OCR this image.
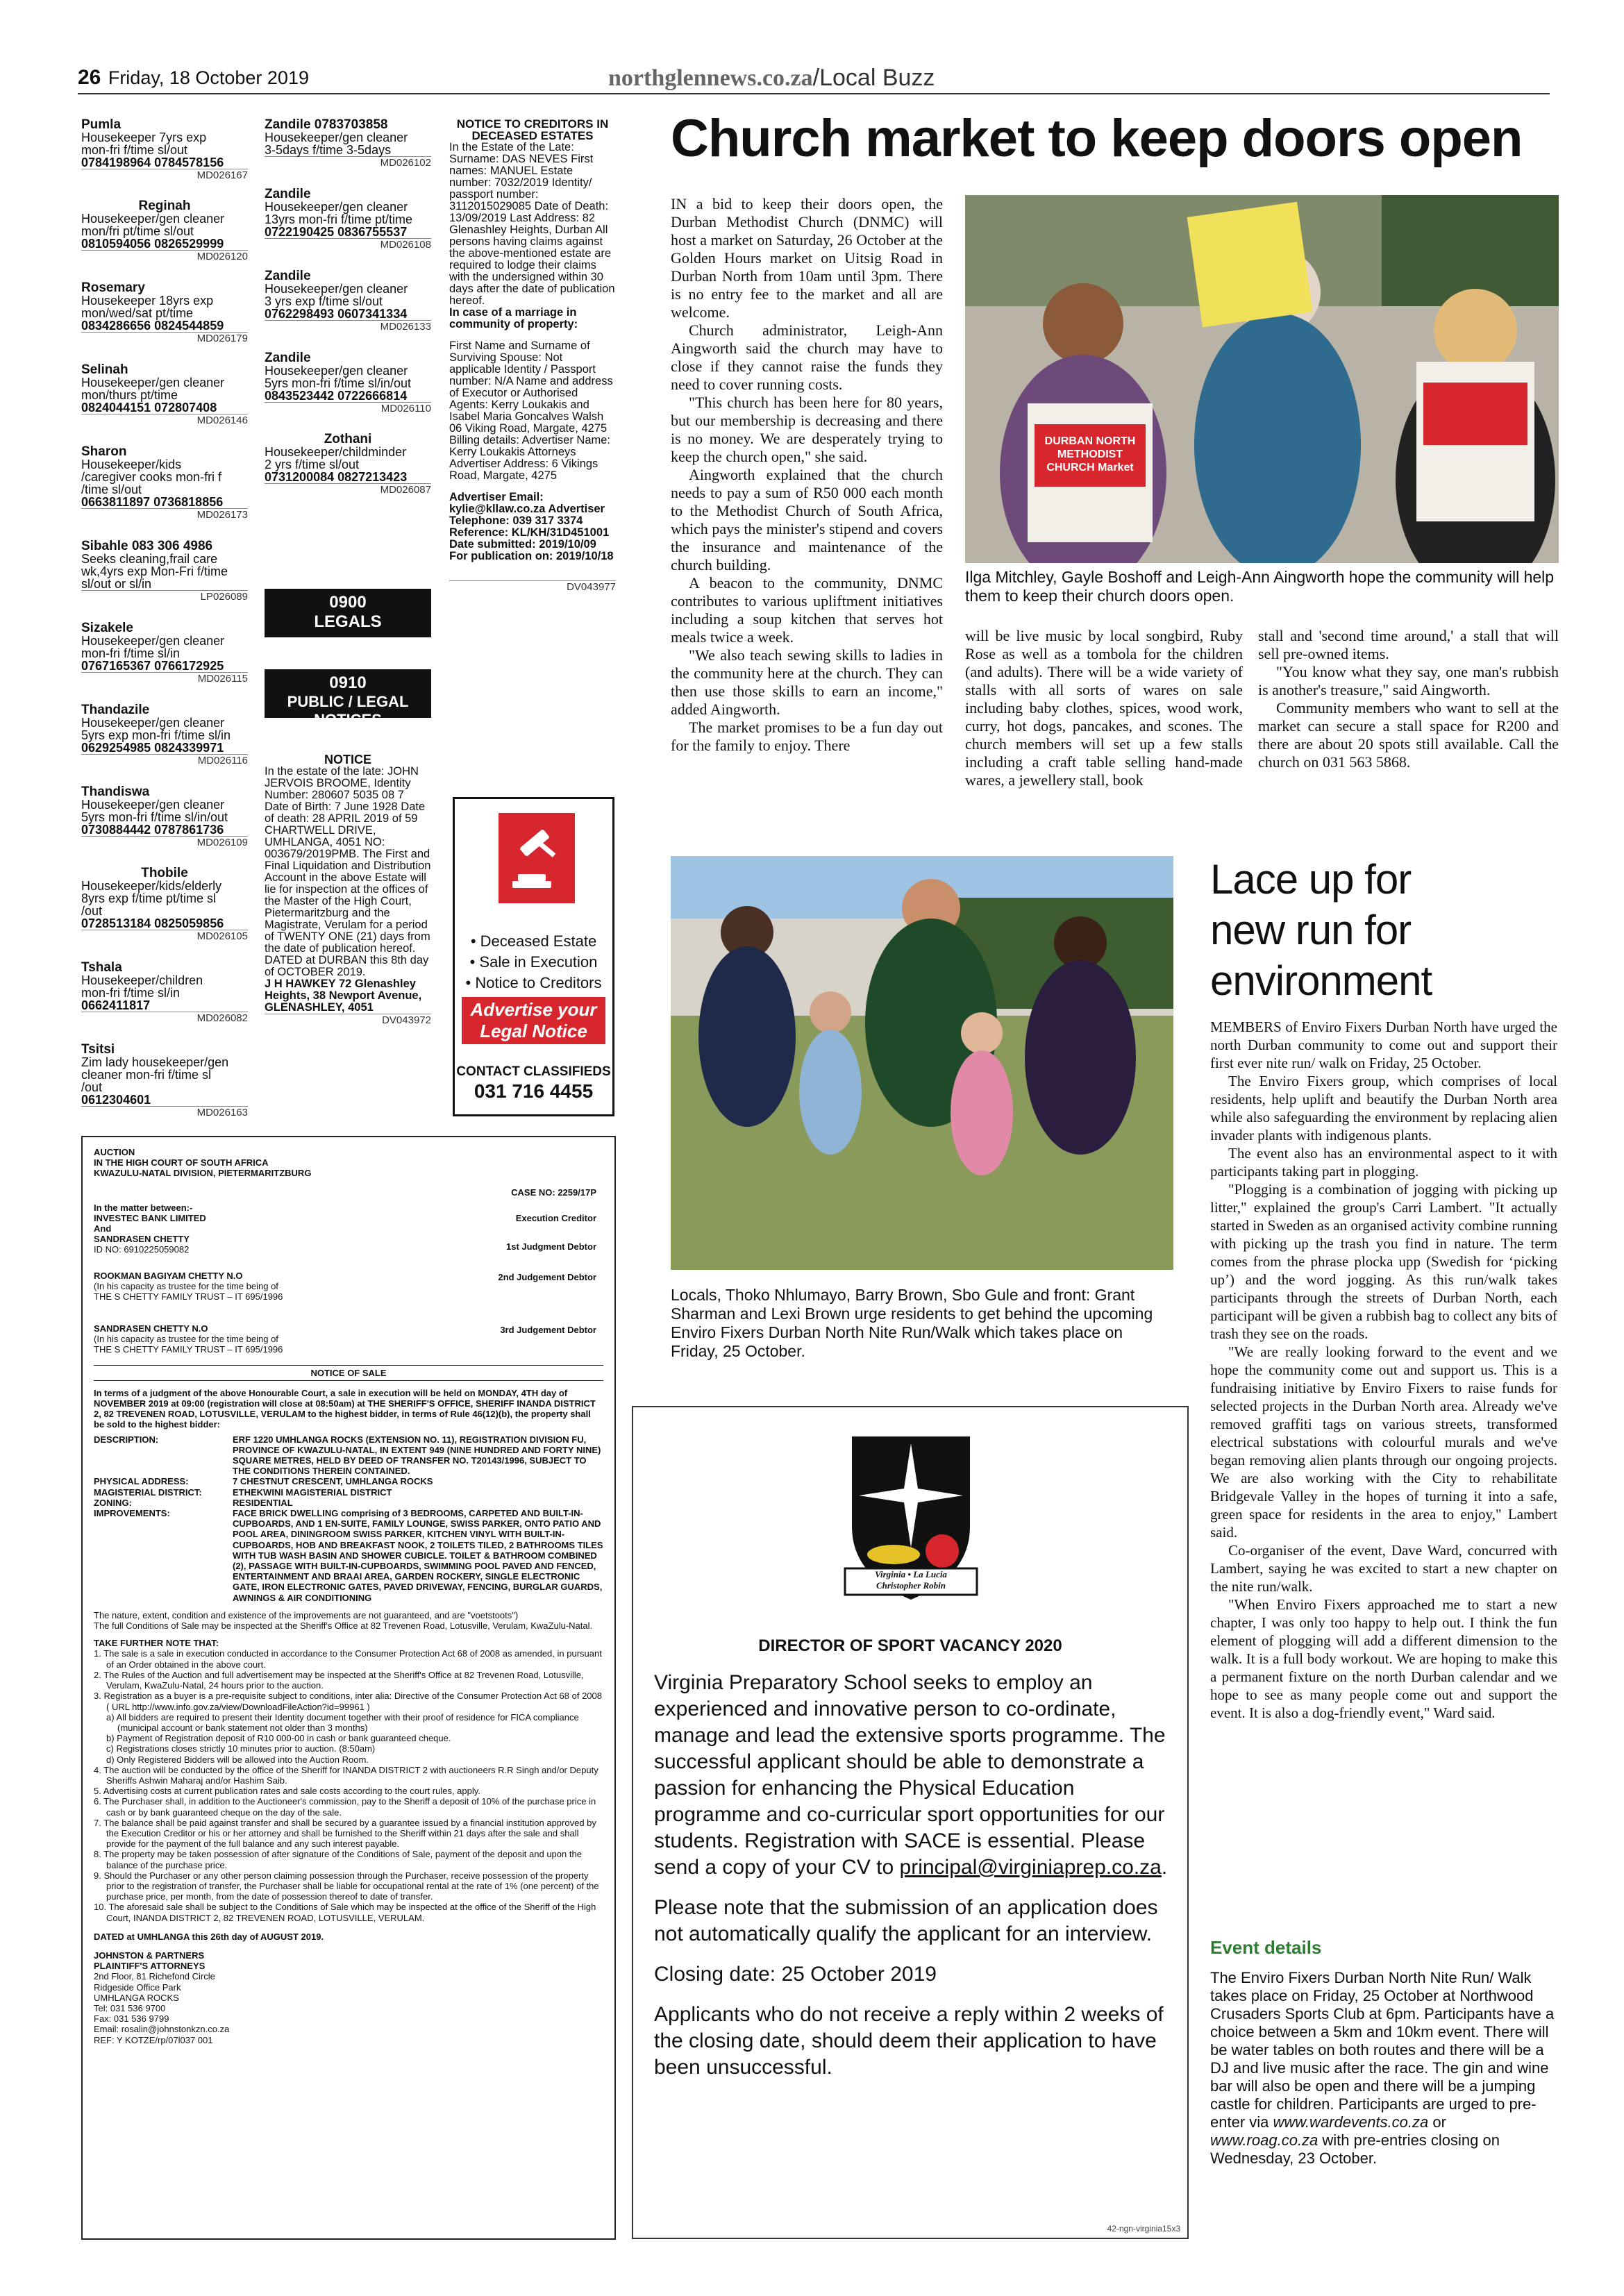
26 Friday, 18 October 2019	northglennews.co.za/Local Buzz
Pumla

Housekeeper 7yrs exp
mon-fri f/time sl/out
0784198964 0784578156
MD026167
Reginah
Housekeeper/gen cleaner
mon/fri pt/time sl/out
0810594056 0826529999
MD026120
Rosemary

Housekeeper 18yrs exp
mon/wed/sat pt/time
0834286656 0824544859
MD026179
Selinah

Housekeeper/gen cleaner
mon/thurs pt/time
0824044151 072807408
MD026146
Sharon

Housekeeper/kids
/caregiver cooks mon-fri f
/time sl/out
0663811897 0736818856
MD026173
Sibahle 083 306 4986

Seeks cleaning,frail care
wk,4yrs exp Mon-Fri f/time
sl/out or sl/in
LP026089
Sizakele

Housekeeper/gen cleaner
mon-fri f/time sl/in
0767165367 0766172925
MD026115
Thandazile

Housekeeper/gen cleaner
5yrs exp mon-fri f/time sl/in
0629254985 0824339971
MD026116
Thandiswa

Housekeeper/gen cleaner
5yrs mon-fri f/time sl/in/out
0730884442 0787861736
MD026109
Thobile
Housekeeper/kids/elderly
8yrs exp f/time pt/time sl
/out
0728513184 0825059856
MD026105
Tshala

Housekeeper/children
mon-fri f/time sl/in
0662411817
MD026082
Tsitsi

Zim lady housekeeper/gen
cleaner mon-fri f/time sl
/out
0612304601
MD026163
Zandile 0783703858

Housekeeper/gen cleaner
3-5days f/time 3-5days
MD026102
Zandile

Housekeeper/gen cleaner
13yrs mon-fri f/time pt/time
0722190425 0836755537
MD026108
Zandile

Housekeeper/gen cleaner
3 yrs exp f/time sl/out
0762298493 0607341334
MD026133
Zandile

Housekeeper/gen cleaner
5yrs mon-fri f/time sl/in/out
0843523442 0722666814
MD026110
Zothani
Housekeeper/childminder
2 yrs f/time sl/out
0731200084 0827213423
MD026087
0900
LEGALS
0910
PUBLIC / LEGAL NOTICES
NOTICE
In the estate of the late: JOHN JERVOIS BROOME, Identity Number: 280607 5035 08 7 Date of Birth: 7 June 1928 Date of death: 28 APRIL 2019 of 59 CHARTWELL DRIVE, UMHLANGA, 4051 NO: 003679/2019PMB. The First and Final Liquidation and Distribution Account in the above Estate will lie for inspection at the offices of the Master of the High Court, Pietermaritzburg and the Magistrate, Verulam for a period of TWENTY ONE (21) days from the date of publication hereof. DATED at DURBAN this 8th day of OCTOBER 2019.
J H HAWKEY 72 Glenashley Heights, 38 Newport Avenue, GLENASHLEY, 4051
DV043972
NOTICE TO CREDITORS IN DECEASED ESTATES
In the Estate of the Late: Surname: DAS NEVES First names: MANUEL Estate number: 7032/2019 Identity/ passport number: 3112015029085 Date of Death: 13/09/2019 Last Address: 82 Glenashley Heights, Durban All persons having claims against the above-mentioned estate are required to lodge their claims with the undersigned within 30 days after the date of publication hereof.
In case of a marriage in community of property:
First Name and Surname of Surviving Spouse: Not applicable Identity / Passport number: N/A Name and address of Executor or Authorised Agents: Kerry Loukakis and Isabel Maria Goncalves Walsh 06 Viking Road, Margate, 4275 Billing details: Advertiser Name: Kerry Loukakis Attorneys Advertiser Address: 6 Vikings Road, Margate, 4275
Advertiser Email: kylie@kllaw.co.za Advertiser Telephone: 039 317 3374 Reference: KL/KH/31D451001 Date submitted: 2019/10/09 For publication on: 2019/10/18
DV043977
• Deceased Estate
• Sale in Execution
• Notice to Creditors
Advertise your Legal Notice
CONTACT CLASSIFIEDS
031 716 4455
AUCTION
IN THE HIGH COURT OF SOUTH AFRICA
KWAZULU-NATAL DIVISION, PIETERMARITZBURG
CASE NO: 2259/17P
In the matter between:-
INVESTEC BANK LIMITED	Execution Creditor
And
SANDRASEN CHETTY
ID NO: 6910225059082	1st Judgment Debtor
ROOKMAN BAGIYAM CHETTY N.O
(In his capacity as trustee for the time being of THE S CHETTY FAMILY TRUST – IT 695/1996
2nd Judgement Debtor
SANDRASEN CHETTY N.O
(In his capacity as trustee for the time being of THE S CHETTY FAMILY TRUST – IT 695/1996
3rd Judgement Debtor
NOTICE OF SALE
In terms of a judgment of the above Honourable Court, a sale in execution will be held on MONDAY, 4TH day of NOVEMBER 2019 at 09:00 (registration will close at 08:50am) at THE SHERIFF'S OFFICE, SHERIFF INANDA DISTRICT 2, 82 TREVENEN ROAD, LOTUSVILLE, VERULAM to the highest bidder, in terms of Rule 46(12)(b), the property shall be sold to the highest bidder:
DESCRIPTION:	ERF 1220 UMHLANGA ROCKS (EXTENSION NO. 11), REGISTRATION DIVISION FU, PROVINCE OF KWAZULU-NATAL, IN EXTENT 949 (NINE HUNDRED AND FORTY NINE) SQUARE METRES, HELD BY DEED OF TRANSFER NO. T20143/1996, SUBJECT TO THE CONDITIONS THEREIN CONTAINED.
PHYSICAL ADDRESS:	7 CHESTNUT CRESCENT, UMHLANGA ROCKS
MAGISTERIAL DISTRICT:	ETHEKWINI MAGISTERIAL DISTRICT
ZONING:	RESIDENTIAL
IMPROVEMENTS:	FACE BRICK DWELLING comprising of 3 BEDROOMS, CARPETED AND BUILT-IN-CUPBOARDS, AND 1 EN-SUITE, FAMILY LOUNGE, SWISS PARKER, ONTO PATIO AND POOL AREA, DININGROOM SWISS PARKER, KITCHEN VINYL WITH BUILT-IN-CUPBOARDS, HOB AND BREAKFAST NOOK, 2 TOILETS TILED, 2 BATHROOMS TILES WITH TUB WASH BASIN AND SHOWER CUBICLE. TOILET & BATHROOM COMBINED (2), PASSAGE WITH BUILT-IN-CUPBOARDS, SWIMMING POOL PAVED AND FENCED, ENTERTAINMENT AND BRAAI AREA, GARDEN ROCKERY, SINGLE ELECTRONIC GATE, IRON ELECTRONIC GATES, PAVED DRIVEWAY, FENCING, BURGLAR GUARDS, AWNINGS & AIR CONDITIONING
The nature, extent, condition and existence of the improvements are not guaranteed, and are "voetstoots")
The full Conditions of Sale may be inspected at the Sheriff's Office at 82 Trevenen Road, Lotusville, Verulam, KwaZulu-Natal.
TAKE FURTHER NOTE THAT:
1. The sale is a sale in execution conducted in accordance to the Consumer Protection Act 68 of 2008 as amended, in pursuant of an Order obtained in the above court.
2. The Rules of the Auction and full advertisement may be inspected at the Sheriff's Office at 82 Trevenen Road, Lotusville, Verulam, KwaZulu-Natal, 24 hours prior to the auction.
3. Registration as a buyer is a pre-requisite subject to conditions, inter alia: Directive of the Consumer Protection Act 68 of 2008 ( URL http://www.info.gov.za/view/DownloadFileAction?id=99961 )
a) All bidders are required to present their Identity document together with their proof of residence for FICA compliance (municipal account or bank statement not older than 3 months)
b) Payment of Registration deposit of R10 000-00 in cash or bank guaranteed cheque.
c) Registrations closes strictly 10 minutes prior to auction. (8:50am)
d) Only Registered Bidders will be allowed into the Auction Room.
4. The auction will be conducted by the office of the Sheriff for INANDA DISTRICT 2 with auctioneers R.R Singh and/or Deputy Sheriffs Ashwin Maharaj and/or Hashim Saib.
5. Advertising costs at current publication rates and sale costs according to the court rules, apply.
6. The Purchaser shall, in addition to the Auctioneer's commission, pay to the Sheriff a deposit of 10% of the purchase price in cash or by bank guaranteed cheque on the day of the sale.
7. The balance shall be paid against transfer and shall be secured by a guarantee issued by a financial institution approved by the Execution Creditor or his or her attorney and shall be furnished to the Sheriff within 21 days after the sale and shall provide for the payment of the full balance and any such interest payable.
8. The property may be taken possession of after signature of the Conditions of Sale, payment of the deposit and upon the balance of the purchase price.
9. Should the Purchaser or any other person claiming possession through the Purchaser, receive possession of the property prior to the registration of transfer, the Purchaser shall be liable for occupational rental at the rate of 1% (one percent) of the purchase price, per month, from the date of possession thereof to date of transfer.
10. The aforesaid sale shall be subject to the Conditions of Sale which may be inspected at the office of the Sheriff of the High Court, INANDA DISTRICT 2, 82 TREVENEN ROAD, LOTUSVILLE, VERULAM.
DATED at UMHLANGA this 26th day of AUGUST 2019.
JOHNSTON & PARTNERS
PLAINTIFF'S ATTORNEYS
2nd Floor, 81 Richefond Circle
Ridgeside Office Park
UMHLANGA ROCKS
Tel: 031 536 9700
Fax: 031 536 9799
Email: rosalin@johnstonkzn.co.za
REF: Y KOTZE/rp/07l037 001
Church market to keep doors open

IN a bid to keep their doors open, the Durban Methodist Church (DNMC) will host a market on Saturday, 26 October at the Golden Hours market on Uitsig Road in Durban North from 10am until 3pm. There is no entry fee to the market and all are welcome.

Church administrator, Leigh-Ann Aingworth said the church may have to close if they cannot raise the funds they need to cover running costs.

"This church has been here for 80 years, but our membership is decreasing and there is no money. We are desperately trying to keep the church open," she said.

Aingworth explained that the church needs to pay a sum of R50 000 each month to the Methodist Church of South Africa, which pays the minister's stipend and covers the insurance and maintenance of the church building.

A beacon to the community, DNMC contributes to various upliftment initiatives including a soup kitchen that serves hot meals twice a week.

"We also teach sewing skills to ladies in the community here at the church. They can then use those skills to earn an income," added Aingworth.

The market promises to be a fun day out for the family to enjoy. There

DURBAN NORTH METHODIST CHURCH Market
Ilga Mitchley, Gayle Boshoff and Leigh-Ann Aingworth hope the community will help them to keep their church doors open.

will be live music by local songbird, Ruby Rose as well as a tombola for the children (and adults). There will be a wide variety of stalls with all sorts of wares on sale including baby clothes, spices, wood work, curry, hot dogs, pancakes, and scones. The church members will set up a few stalls including a craft table selling hand-made wares, a jewellery stall, book

stall and 'second time around,' a stall that will sell pre-owned items.

"You know what they say, one man's rubbish is another's treasure," said Aingworth.

Community members who want to sell at the market can secure a stall space for R200 and there are about 20 spots still available. Call the church on 031 563 5868.

Locals, Thoko Nhlumayo, Barry Brown, Sbo Gule and front: Grant Sharman and Lexi Brown urge residents to get behind the upcoming Enviro Fixers Durban North Nite Run/Walk which takes place on Friday, 25 October.
Lace up for new run for environment

MEMBERS of Enviro Fixers Durban North have urged the north Durban community to come out and support their first ever nite run/ walk on Friday, 25 October.

The Enviro Fixers group, which comprises of local residents, help uplift and beautify the Durban North area while also safeguarding the environment by replacing alien invader plants with indigenous plants.

The event also has an environmental aspect to it with participants taking part in plogging.

"Plogging is a combination of jogging with picking up litter," explained the group's Carri Lambert. "It actually started in Sweden as an organised activity combine running with picking up the trash you find in nature. The term comes from the phrase plocka upp (Swedish for ‘picking up’) and the word jogging. As this run/walk takes participants through the streets of Durban North, each participant will be given a rubbish bag to collect any bits of trash they see on the roads.

"We are really looking forward to the event and we hope the community come out and support us. This is a fundraising initiative by Enviro Fixers to raise funds for selected projects in the Durban North area. Already we've removed graffiti tags on various streets, transformed electrical substations with colourful murals and we've began removing alien plants through our ongoing projects. We are also working with the City to rehabilitate Bridgevale Valley in the hopes of turning it into a safe, green space for residents in the area to enjoy," Lambert said.

Co-organiser of the event, Dave Ward, concurred with Lambert, saying he was excited to start a new chapter on the nite run/walk.

"When Enviro Fixers approached me to start a new chapter, I was only too happy to help out. I think the fun element of plogging will add a different dimension to the walk. It is a full body workout. We are hoping to make this a permanent fixture on the north Durban calendar and we hope to see as many people come out and support the event. It is also a dog-friendly event," Ward said.

Event details
The Enviro Fixers Durban North Nite Run/ Walk takes place on Friday, 25 October at Northwood Crusaders Sports Club at 6pm. Participants have a choice between a 5km and 10km event. There will be water tables on both routes and there will be a DJ and live music after the race. The gin and wine bar will also be open and there will be a jumping castle for children. Participants are urged to pre-enter via www.wardevents.co.za or www.roag.co.za with pre-entries closing on Wednesday, 23 October.
Virginia • La Lucia
Christopher Robin
DIRECTOR OF SPORT VACANCY 2020
Virginia Preparatory School seeks to employ an experienced and innovative person to co-ordinate, manage and lead the extensive sports programme. The successful applicant should be able to demonstrate a passion for enhancing the Physical Education programme and co-curricular sport opportunities for our students. Registration with SACE is essential. Please send a copy of your CV to principal@virginiaprep.co.za.
Please note that the submission of an application does not automatically qualify the applicant for an interview.
Closing date: 25 October 2019
Applicants who do not receive a reply within 2 weeks of the closing date, should deem their application to have been unsuccessful.
42-ngn-virginia15x3
